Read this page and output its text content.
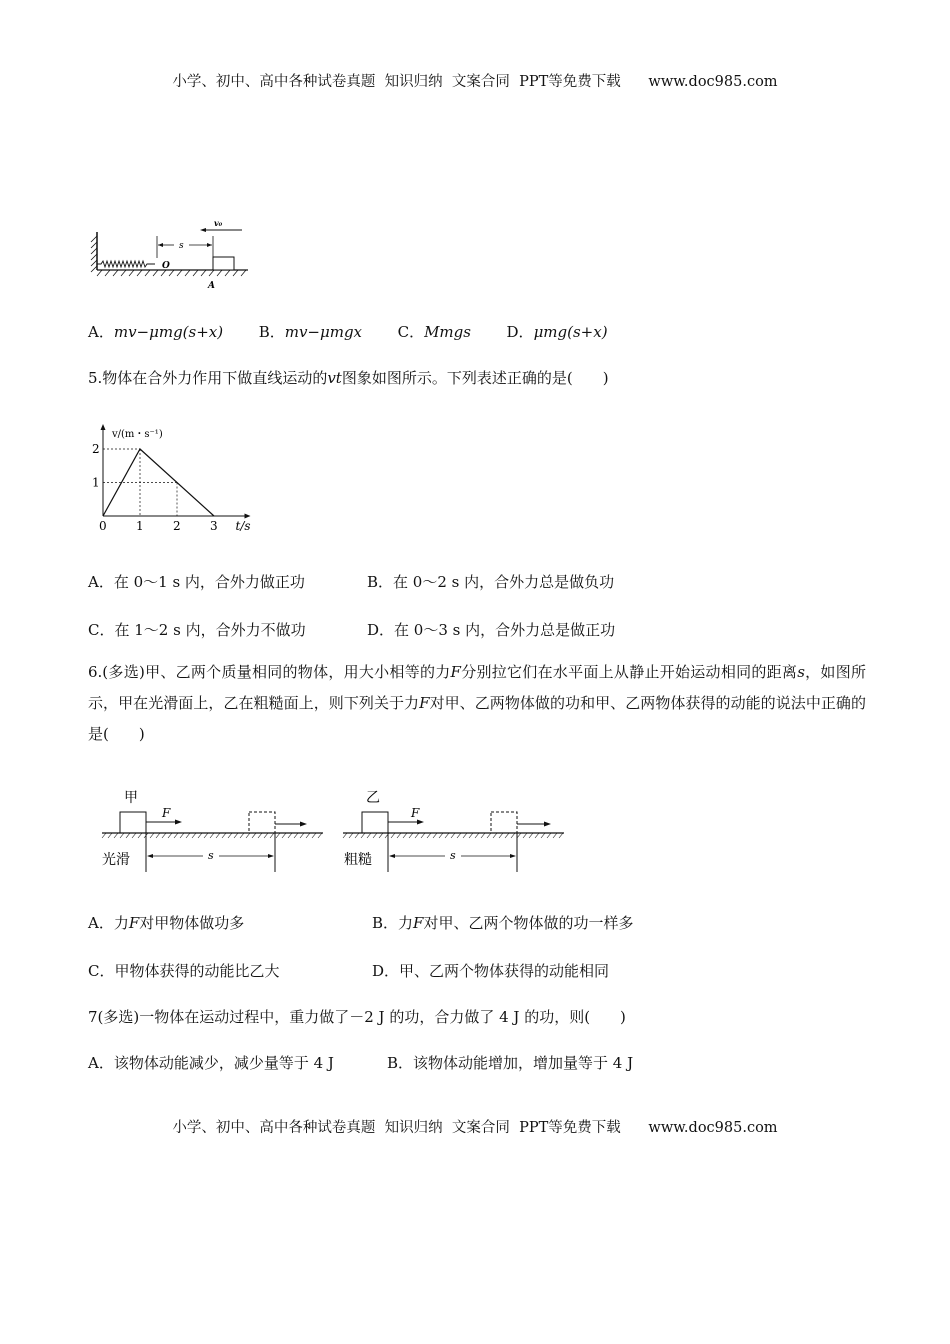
小学、初中、高中各种试卷真题  知识归纳  文案合同  PPT等免费下载      www.doc985.com
O
s
v₀
A
A．mv−μmg(s+x) B．mv−μmgx C．Mmgs D．μmg(s+x)
5.物体在合外力作用下做直线运动的vt图象如图所示。下列表述正确的是(　　)
0 1 2 3
1
2
v/(m・s⁻¹)
t/s
A．在 0～1 s 内，合外力做正功	B．在 0～2 s 内，合外力总是做负功
C．在 1～2 s 内，合外力不做功	D．在 0～3 s 内，合外力总是做正功
6.(多选)甲、乙两个质量相同的物体，用大小相等的力F分别拉它们在水平面上从静止开始运动相同的距离s，如图所示，甲在光滑面上，乙在粗糙面上，则下列关于力F对甲、乙两物体做的功和甲、乙两物体获得的动能的说法中正确的是(　　)
甲
F
s
光滑
乙
F
s
粗糙
A．力F对甲物体做功多	B．力F对甲、乙两个物体做的功一样多
C．甲物体获得的动能比乙大	D．甲、乙两个物体获得的动能相同
7(多选)一物体在运动过程中，重力做了－2 J 的功，合力做了 4 J 的功，则(　　)
A．该物体动能减少，减少量等于 4 J	B．该物体动能增加，增加量等于 4 J
小学、初中、高中各种试卷真题  知识归纳  文案合同  PPT等免费下载      www.doc985.com
